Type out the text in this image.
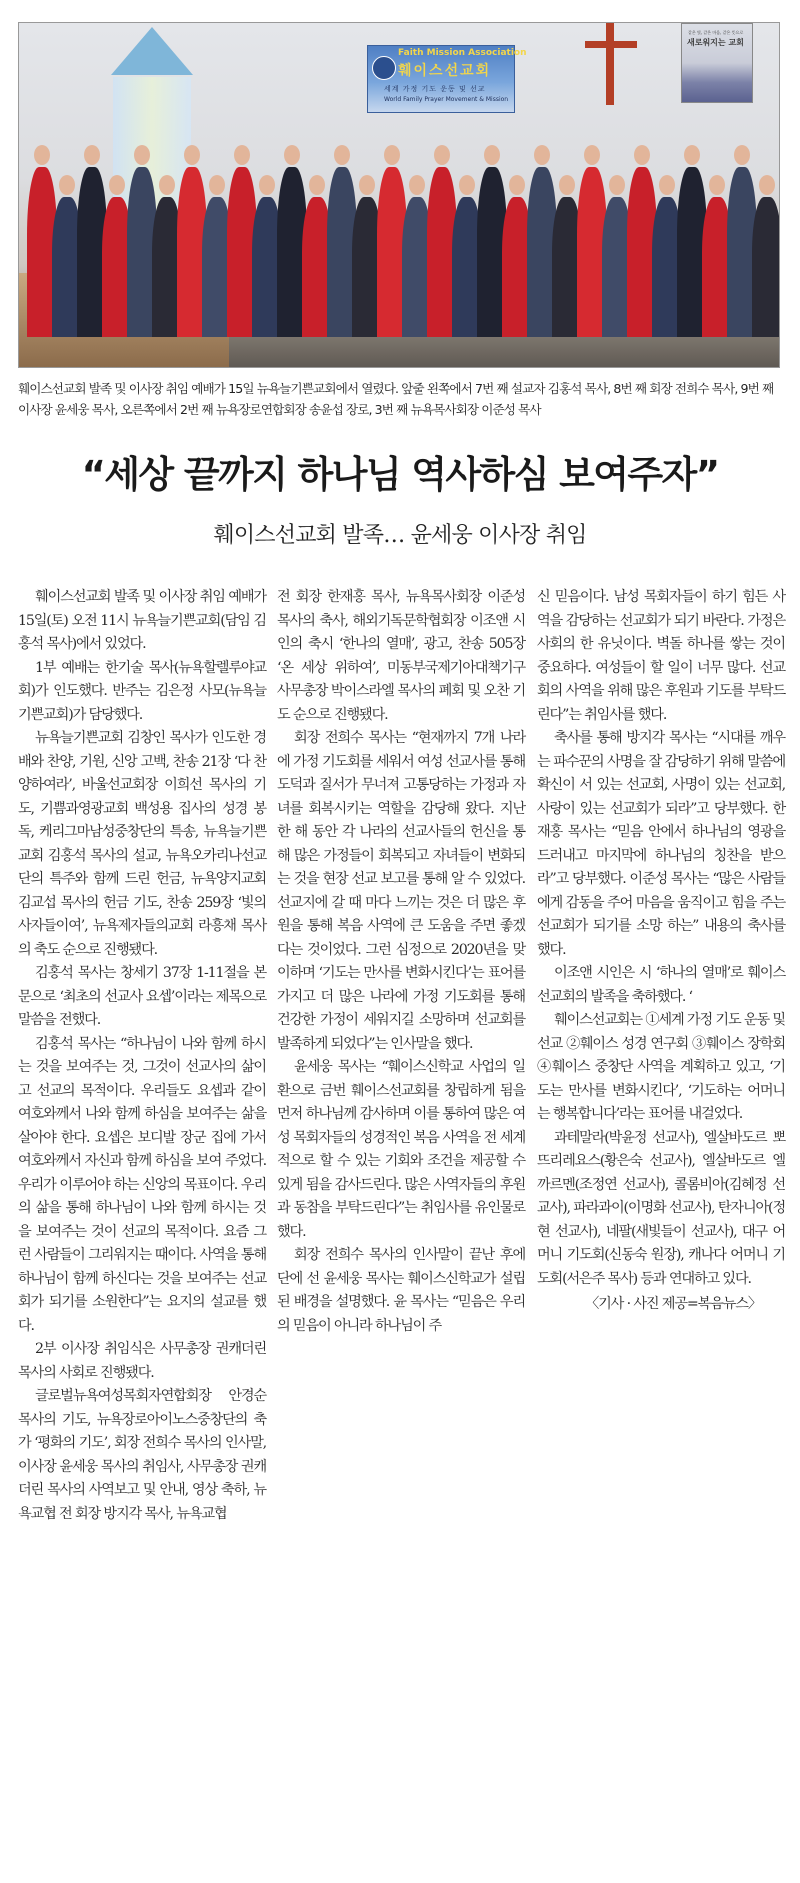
Faith Mission Association
훼이스선교회
세계 가정 기도 운동 및 선교
World Family Prayer Movement & Mission
같은 빛, 같은 마음, 같은 뜻으로
새로워지는 교회
훼이스선교회 발족 및 이사장 취임 예배가 15일 뉴욕늘기쁜교회에서 열렸다. 앞줄 왼쪽에서 7번 째 설교자 김홍석 목사, 8번 째 회장 전희수 목사, 9번 째 이사장 윤세웅 목사, 오른쪽에서 2번 째 뉴욕장로연합회장 송윤섭 장로, 3번 째 뉴욕목사회장 이준성 목사
“세상 끝까지 하나님 역사하심 보여주자”
훼이스선교회 발족… 윤세웅 이사장 취임

훼이스선교회 발족 및 이사장 취임 예배가 15일(토) 오전 11시 뉴욕늘기쁜교회(담임 김홍석 목사)에서 있었다.

1부 예배는 한기술 목사(뉴욕할렐루야교회)가 인도했다. 반주는 김은정 사모(뉴욕늘기쁜교회)가 담당했다.

뉴욕늘기쁜교회 김창인 목사가 인도한 경배와 찬양, 기원, 신앙 고백, 찬송 21장 ‘다 찬양하여라’, 바울선교회장 이희선 목사의 기도, 기쁨과영광교회 백성용 집사의 성경 봉독, 케리그마남성중창단의 특송, 뉴욕늘기쁜교회 김홍석 목사의 설교, 뉴욕오카리나선교단의 특주와 함께 드린 헌금, 뉴욕양지교회 김교섭 목사의 헌금 기도, 찬송 259장 ‘빛의 사자들이여’, 뉴욕제자들의교회 라흥채 목사의 축도 순으로 진행됐다.

김홍석 목사는 창세기 37장 1-11절을 본문으로 ‘최초의 선교사 요셉’이라는 제목으로 말씀을 전했다.

김홍석 목사는 “하나님이 나와 함께 하시는 것을 보여주는 것, 그것이 선교사의 삶이고 선교의 목적이다. 우리들도 요셉과 같이 여호와께서 나와 함께 하심을 보여주는 삶을 살아야 한다. 요셉은 보디발 장군 집에 가서 여호와께서 자신과 함께 하심을 보여 주었다. 우리가 이루어야 하는 신앙의 목표이다. 우리의 삶을 통해 하나님이 나와 함께 하시는 것을 보여주는 것이 선교의 목적이다. 요즘 그런 사람들이 그리워지는 때이다. 사역을 통해 하나님이 함께 하신다는 것을 보여주는 선교회가 되기를 소원한다”는 요지의 설교를 했다.

2부 이사장 취임식은 사무총장 권캐더린 목사의 사회로 진행됐다.

글로벌뉴욕여성목회자연합회장 안경순 목사의 기도, 뉴욕장로아이노스중창단의 축가 ‘평화의 기도’, 회장 전희수 목사의 인사말, 이사장 윤세웅 목사의 취임사, 사무총장 권캐더린 목사의 사역보고 및 안내, 영상 축하, 뉴욕교협 전 회장 방지각 목사, 뉴욕교협

전 회장 한재홍 목사, 뉴욕목사회장 이준성 목사의 축사, 해외기독문학협회장 이조앤 시인의 축시 ‘한나의 열매’, 광고, 찬송 505장 ‘온 세상 위하여’, 미동부국제기아대책기구 사무총장 박이스라엘 목사의 폐회 및 오찬 기도 순으로 진행됐다.

회장 전희수 목사는 “현재까지 7개 나라에 가정 기도회를 세워서 여성 선교사를 통해 도덕과 질서가 무너져 고통당하는 가정과 자녀를 회복시키는 역할을 감당해 왔다. 지난 한 해 동안 각 나라의 선교사들의 헌신을 통해 많은 가정들이 회복되고 자녀들이 변화되는 것을 현장 선교 보고를 통해 알 수 있었다. 선교지에 갈 때 마다 느끼는 것은 더 많은 후원을 통해 복음 사역에 큰 도움을 주면 좋겠다는 것이었다. 그런 심정으로 2020년을 맞이하며 ‘기도는 만사를 변화시킨다’는 표어를 가지고 더 많은 나라에 가정 기도회를 통해 건강한 가정이 세워지길 소망하며 선교회를 발족하게 되었다”는 인사말을 했다.

윤세웅 목사는 “훼이스신학교 사업의 일환으로 금번 훼이스선교회를 창립하게 됨을 먼저 하나님께 감사하며 이를 통하여 많은 여성 목회자들의 성경적인 복음 사역을 전 세계적으로 할 수 있는 기회와 조건을 제공할 수 있게 됨을 감사드린다. 많은 사역자들의 후원과 동참을 부탁드린다”는 취임사를 유인물로 했다.

회장 전희수 목사의 인사말이 끝난 후에 단에 선 윤세웅 목사는 훼이스신학교가 설립된 배경을 설명했다. 윤 목사는 “믿음은 우리의 믿음이 아니라 하나님이 주

신 믿음이다. 남성 목회자들이 하기 힘든 사역을 감당하는 선교회가 되기 바란다. 가정은 사회의 한 유닛이다. 벽돌 하나를 쌓는 것이 중요하다. 여성들이 할 일이 너무 많다. 선교회의 사역을 위해 많은 후원과 기도를 부탁드린다”는 취임사를 했다.

축사를 통해 방지각 목사는 “시대를 깨우는 파수꾼의 사명을 잘 감당하기 위해 말씀에 확신이 서 있는 선교회, 사명이 있는 선교회, 사랑이 있는 선교회가 되라”고 당부했다. 한재홍 목사는 “믿음 안에서 하나님의 영광을 드러내고 마지막에 하나님의 칭찬을 받으라”고 당부했다. 이준성 목사는 “많은 사람들에게 감동을 주어 마음을 움직이고 힘을 주는 선교회가 되기를 소망 하는” 내용의 축사를 했다.

이조앤 시인은 시 ‘하나의 열매’로 훼이스선교회의 발족을 축하했다. ‘

훼이스선교회는 ①세계 가정 기도 운동 및 선교 ②훼이스 성경 연구회 ③훼이스 장학회 ④훼이스 중창단 사역을 계획하고 있고, ‘기도는 만사를 변화시킨다’, ‘기도하는 어머니는 행복합니다’라는 표어를 내걸었다.

과테말라(박윤정 선교사), 엘살바도르 뽀뜨리레요스(황은숙 선교사), 엘살바도르 엘까르멘(조정연 선교사), 콜롬비아(김혜정 선교사), 파라과이(이명화 선교사), 탄자니아(정현 선교사), 네팔(새빛들이 선교사), 대구 어머니 기도회(신동숙 원장), 캐나다 어머니 기도회(서은주 목사) 등과 연대하고 있다.

〈기사 · 사진 제공=복음뉴스〉
